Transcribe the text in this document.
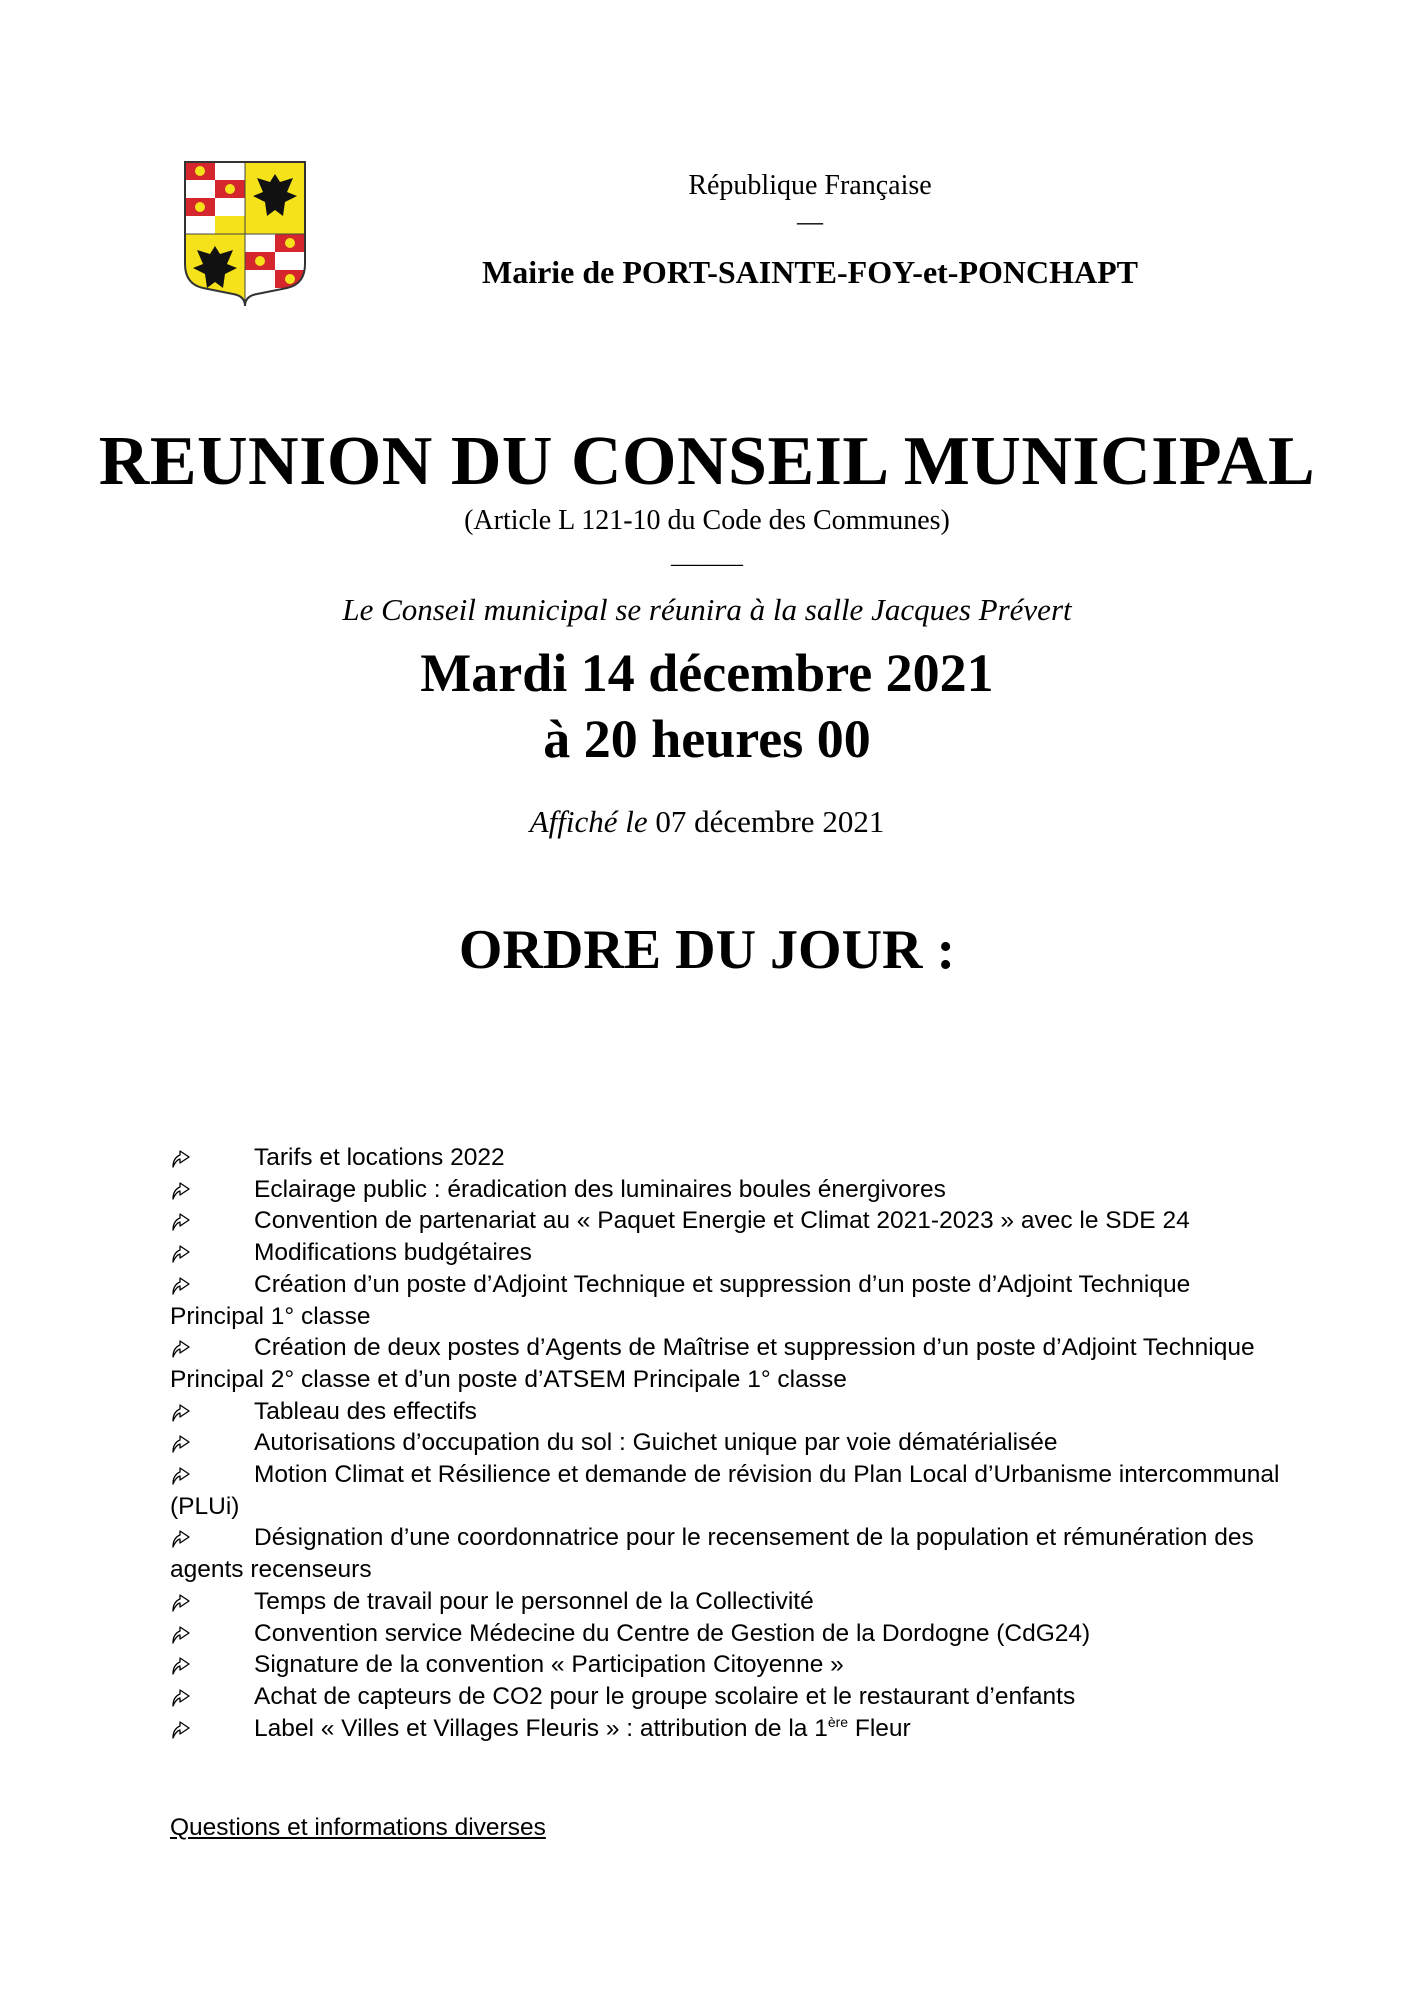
République Française
—
Mairie de PORT-SAINTE-FOY-et-PONCHAPT
REUNION DU CONSEIL MUNICIPAL
(Article L 121-10 du Code des Communes)
______
Le Conseil municipal se réunira à la salle Jacques Prévert
Mardi 14 décembre 2021
à 20 heures 00
Affiché le 07 décembre 2021
ORDRE DU JOUR :
Tarifs et locations 2022
Eclairage public : éradication des luminaires boules énergivores
Convention de partenariat au « Paquet Energie et Climat 2021-2023 » avec le SDE 24
Modifications budgétaires
Création d’un poste d’Adjoint Technique et suppression d’un poste d’Adjoint Technique Principal 1° classe
Création de deux postes d’Agents de Maîtrise et suppression d’un poste d’Adjoint Technique Principal 2° classe et d’un poste d’ATSEM Principale 1° classe
Tableau des effectifs
Autorisations d’occupation du sol : Guichet unique par voie dématérialisée
Motion Climat et Résilience et demande de révision du Plan Local d’Urbanisme intercommunal (PLUi)
Désignation d’une coordonnatrice pour le recensement de la population et rémunération des agents recenseurs
Temps de travail pour le personnel de la Collectivité
Convention service Médecine du Centre de Gestion de la Dordogne (CdG24)
Signature de la convention « Participation Citoyenne »
Achat de capteurs de CO2 pour le groupe scolaire et le restaurant d’enfants
Label « Villes et Villages Fleuris » : attribution de la 1ère Fleur
Questions et informations diverses
